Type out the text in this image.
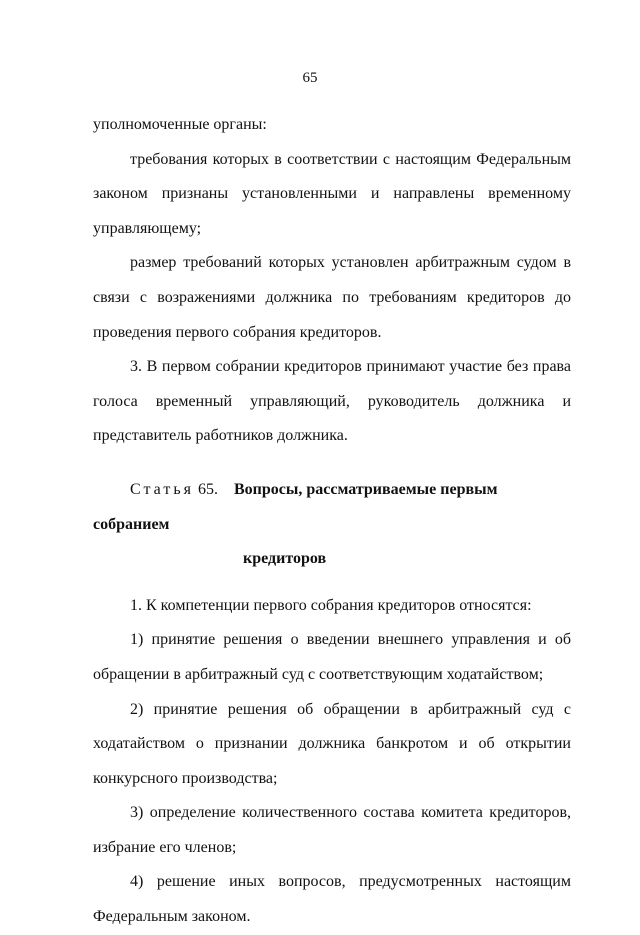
65

уполномоченные органы:

требования которых в соответствии с настоящим Федеральным законом признаны установленными и направлены временному управляющему;

размер требований которых установлен арбитражным судом в связи с возражениями должника по требованиям кредиторов до проведения первого собрания кредиторов.

3. В первом собрании кредиторов принимают участие без права голоса временный управляющий, руководитель должника и представитель работников должника.

Статья 65. Вопросы, рассматриваемые первым собранием
кредиторов

1. К компетенции первого собрания кредиторов относятся:

1) принятие решения о введении внешнего управления и об обращении в арбитражный суд с соответствующим ходатайством;

2) принятие решения об обращении в арбитражный суд с ходатайством о признании должника банкротом и об открытии конкурсного производства;

3) определение количественного состава комитета кредиторов, избрание его членов;

4) решение иных вопросов, предусмотренных настоящим Федеральным законом.
